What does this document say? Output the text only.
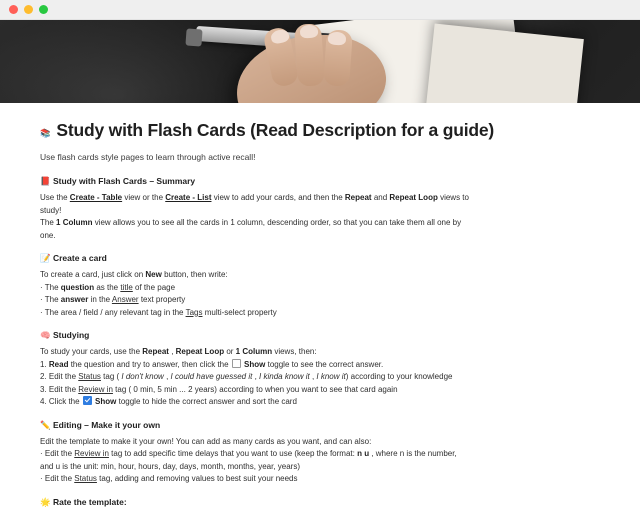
📚 Study with Flash Cards (Read Description for a guide)

Use flash cards style pages to learn through active recall!

📕 Study with Flash Cards – Summary

Use the Create - Table view or the Create - List view to add your cards, and then the Repeat and Repeat Loop views to

study!

The 1 Column view allows you to see all the cards in 1 column, descending order, so that you can take them all one by

one.

📝 Create a card

To create a card, just click on New button, then write:

· The question as the title of the page

· The answer in the Answer text property

· The area / field / any relevant tag in the Tags multi-select property

🧠 Studying

To study your cards, use the Repeat , Repeat Loop or 1 Column views, then:

1. Read the question and try to answer, then click the  Show toggle to see the correct answer.

2. Edit the Status tag ( I don't know , I could have guessed it , I kinda know it , I know it) according to your knowledge

3. Edit the Review in tag ( 0 min, 5 min ... 2 years) according to when you want to see that card again

4. Click the  Show toggle to hide the correct answer and sort the card

✏️ Editing – Make it your own

Edit the template to make it your own! You can add as many cards as you want, and can also:

· Edit the Review in tag to add specific time delays that you want to use (keep the format: n u , where n is the number,

and u is the unit: min, hour, hours, day, days, month, months, year, years)

· Edit the Status tag, adding and removing values to best suit your needs

🌟 Rate the template:
